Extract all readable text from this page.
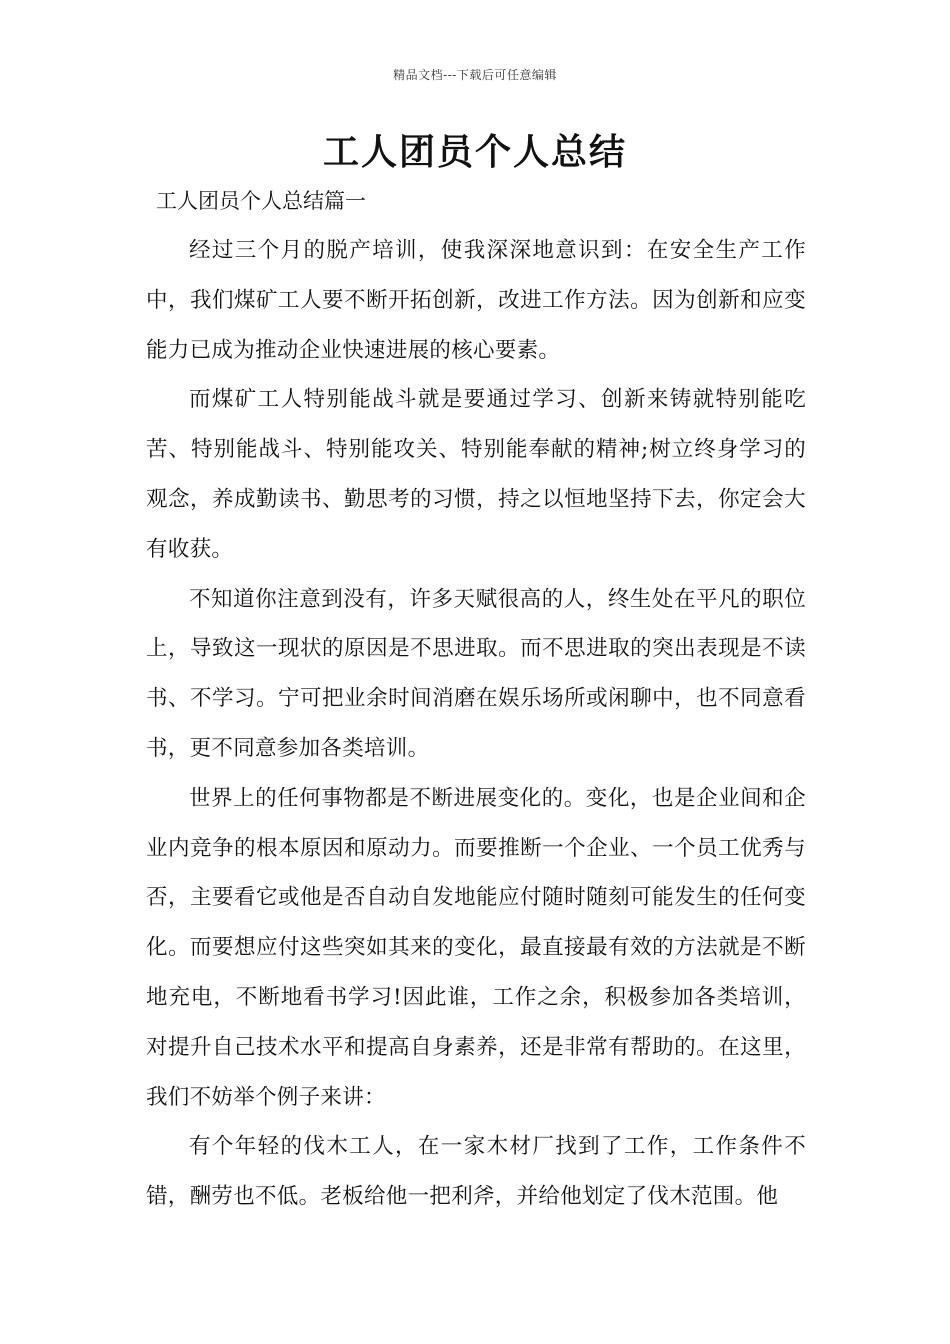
精品文档---下载后可任意编辑
工人团员个人总结
工人团员个人总结篇一

经过三个月的脱产培训，使我深深地意识到：在安全生产工作中，我们煤矿工人要不断开拓创新，改进工作方法。因为创新和应变能力已成为推动企业快速进展的核心要素。

而煤矿工人特别能战斗就是要通过学习、创新来铸就特别能吃苦、特别能战斗、特别能攻关、特别能奉献的精神;树立终身学习的观念，养成勤读书、勤思考的习惯，持之以恒地坚持下去，你定会大有收获。

不知道你注意到没有，许多天赋很高的人，终生处在平凡的职位上，导致这一现状的原因是不思进取。而不思进取的突出表现是不读书、不学习。宁可把业余时间消磨在娱乐场所或闲聊中，也不同意看书，更不同意参加各类培训。

世界上的任何事物都是不断进展变化的。变化，也是企业间和企业内竞争的根本原因和原动力。而要推断一个企业、一个员工优秀与否，主要看它或他是否自动自发地能应付随时随刻可能发生的任何变化。而要想应付这些突如其来的变化，最直接最有效的方法就是不断地充电，不断地看书学习!因此谁，工作之余，积极参加各类培训，对提升自己技术水平和提高自身素养，还是非常有帮助的。在这里，我们不妨举个例子来讲：

有个年轻的伐木工人，在一家木材厂找到了工作，工作条件不错，酬劳也不低。老板给他一把利斧，并给他划定了伐木范围。他
